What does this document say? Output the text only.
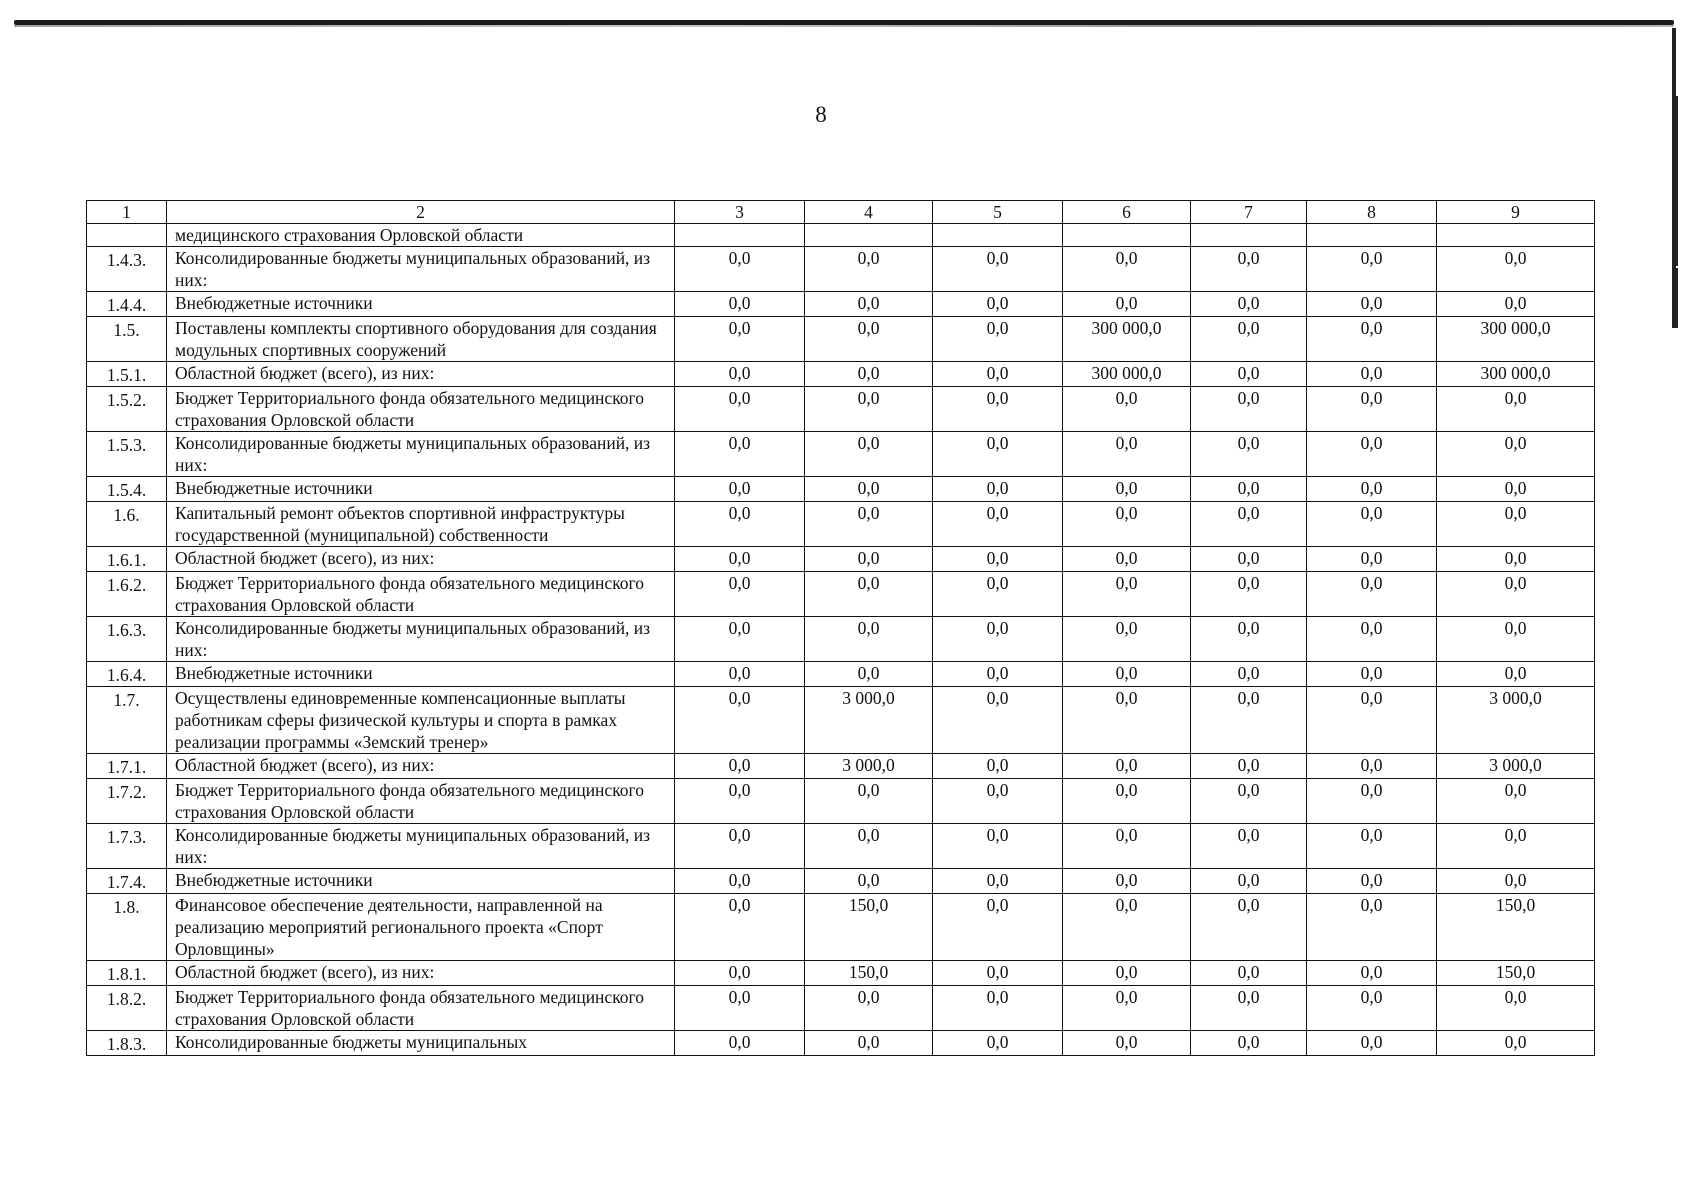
8
1	2	3	4	5	6	7	8	9
	медицинского страхования Орловской области							
1.4.3.	Консолидированные бюджеты муниципальных образований, из них:	0,0	0,0	0,0	0,0	0,0	0,0	0,0
1.4.4.	Внебюджетные источники	0,0	0,0	0,0	0,0	0,0	0,0	0,0
1.5.	Поставлены комплекты спортивного оборудования для создания модульных спортивных сооружений	0,0	0,0	0,0	300 000,0	0,0	0,0	300 000,0
1.5.1.	Областной бюджет (всего), из них:	0,0	0,0	0,0	300 000,0	0,0	0,0	300 000,0
1.5.2.	Бюджет Территориального фонда обязательного медицинского страхования Орловской области	0,0	0,0	0,0	0,0	0,0	0,0	0,0
1.5.3.	Консолидированные бюджеты муниципальных образований, из них:	0,0	0,0	0,0	0,0	0,0	0,0	0,0
1.5.4.	Внебюджетные источники	0,0	0,0	0,0	0,0	0,0	0,0	0,0
1.6.	Капитальный ремонт объектов спортивной инфраструктуры государственной (муниципальной) собственности	0,0	0,0	0,0	0,0	0,0	0,0	0,0
1.6.1.	Областной бюджет (всего), из них:	0,0	0,0	0,0	0,0	0,0	0,0	0,0
1.6.2.	Бюджет Территориального фонда обязательного медицинского страхования Орловской области	0,0	0,0	0,0	0,0	0,0	0,0	0,0
1.6.3.	Консолидированные бюджеты муниципальных образований, из них:	0,0	0,0	0,0	0,0	0,0	0,0	0,0
1.6.4.	Внебюджетные источники	0,0	0,0	0,0	0,0	0,0	0,0	0,0
1.7.	Осуществлены единовременные компенсационные выплаты работникам сферы физической культуры и спорта в рамках реализации программы «Земский тренер»	0,0	3 000,0	0,0	0,0	0,0	0,0	3 000,0
1.7.1.	Областной бюджет (всего), из них:	0,0	3 000,0	0,0	0,0	0,0	0,0	3 000,0
1.7.2.	Бюджет Территориального фонда обязательного медицинского страхования Орловской области	0,0	0,0	0,0	0,0	0,0	0,0	0,0
1.7.3.	Консолидированные бюджеты муниципальных образований, из них:	0,0	0,0	0,0	0,0	0,0	0,0	0,0
1.7.4.	Внебюджетные источники	0,0	0,0	0,0	0,0	0,0	0,0	0,0
1.8.	Финансовое обеспечение деятельности, направленной на реализацию мероприятий регионального проекта «Спорт Орловщины»	0,0	150,0	0,0	0,0	0,0	0,0	150,0
1.8.1.	Областной бюджет (всего), из них:	0,0	150,0	0,0	0,0	0,0	0,0	150,0
1.8.2.	Бюджет Территориального фонда обязательного медицинского страхования Орловской области	0,0	0,0	0,0	0,0	0,0	0,0	0,0
1.8.3.	Консолидированные бюджеты муниципальных	0,0	0,0	0,0	0,0	0,0	0,0	0,0
